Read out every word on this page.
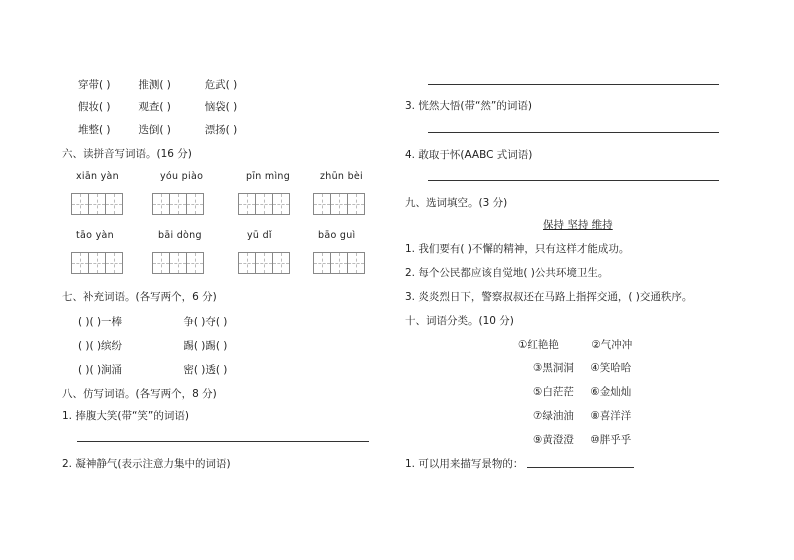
穿带( )	推测( )	危武( )
假妆( )	观查( )	恼袋( )
堆整( )	迭倒( )	漂扬( )
六、读拼音写词语。(16 分)
xiān yàn	yóu piào	pīn mìng	zhūn bèi
tāo yàn	bāi dòng	yū dǐ	bāo guì
七、补充词语。(各写两个，6 分)
( )( )一棒	争( )夺( )
( )( )缤纷	踢( )踢( )
( )( )涧涌	密( )透( )
八、仿写词语。(各写两个，8 分)
1. 捧腹大笑(带“笑”的词语)
2. 凝神静气(表示注意力集中的词语)
3. 恍然大悟(带“然”的词语)
4. 敢取于怀(AABC 式词语)
九、选词填空。(3 分)
保持 坚持 维持
1. 我们要有( )不懈的精神，只有这样才能成功。
2. 每个公民都应该自觉地( )公共环境卫生。
3. 炎炎烈日下，警察叔叔还在马路上指挥交通，( )交通秩序。
十、词语分类。(10 分)
①红艳艳	②气冲冲
③黑洞洞 ④笑哈哈
⑤白茫茫 ⑥金灿灿
⑦绿油油 ⑧喜洋洋
⑨黄澄澄 ⑩胖乎乎
1. 可以用来描写景物的：
